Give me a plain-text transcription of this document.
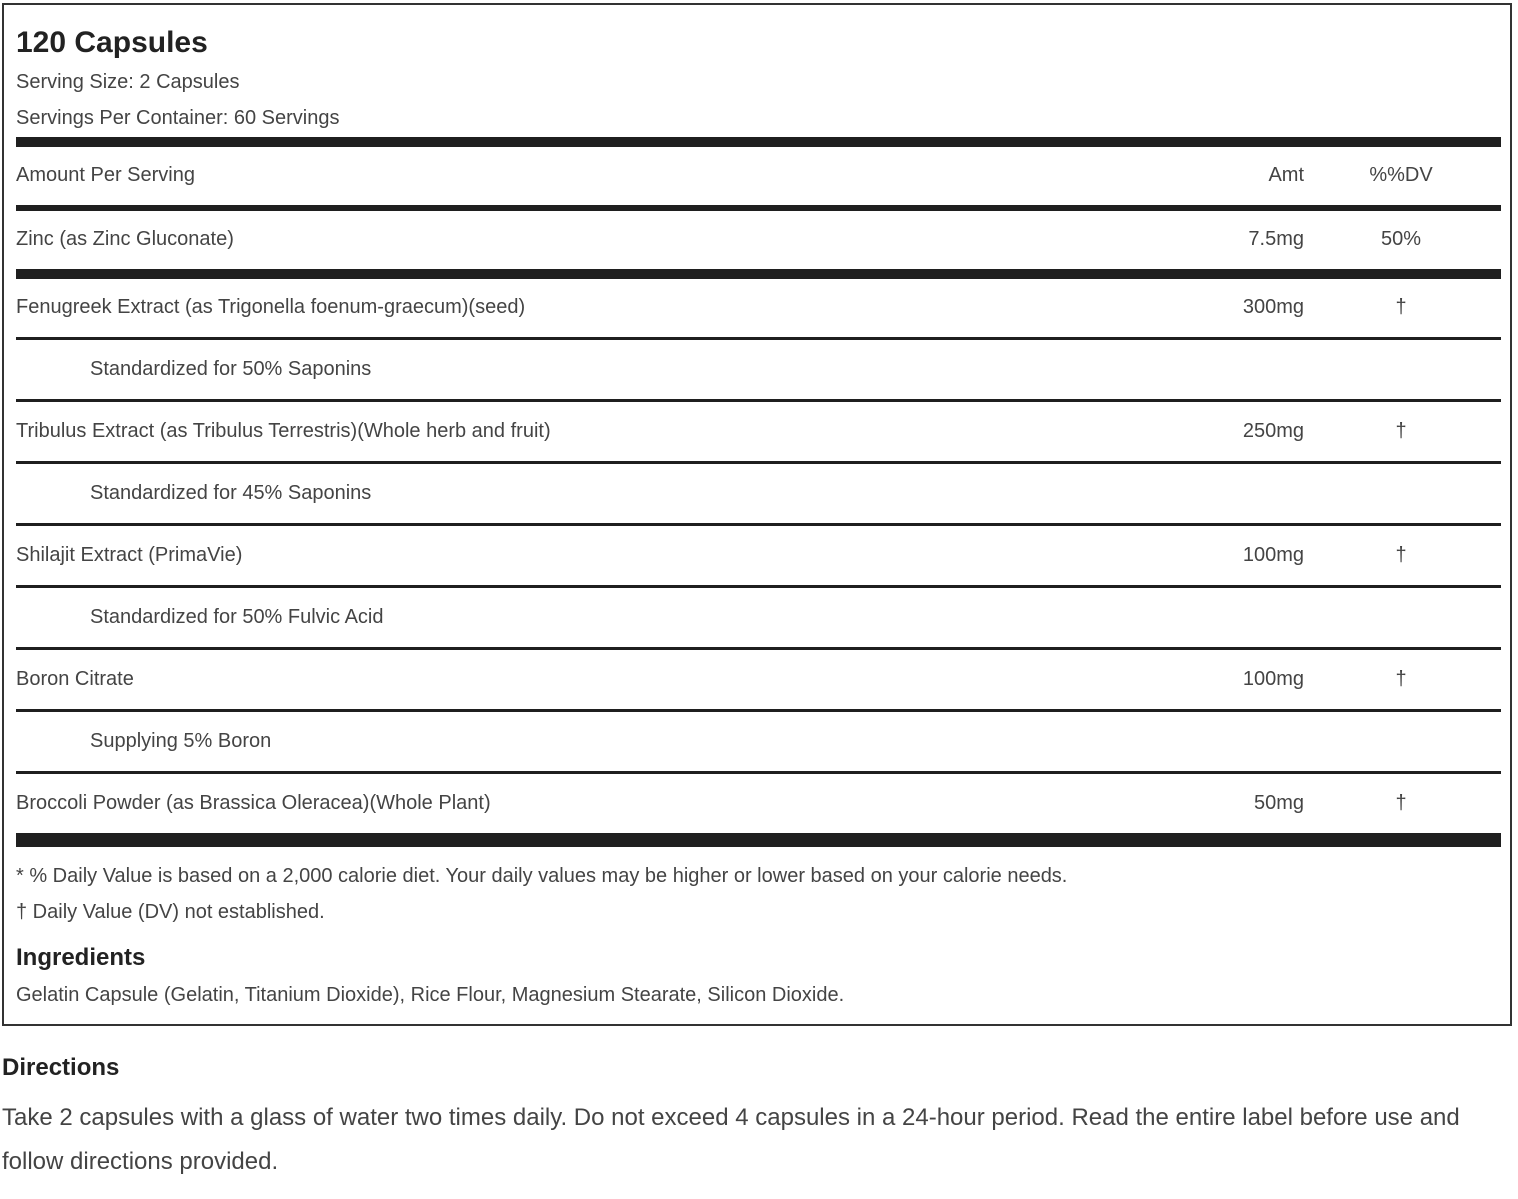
120 Capsules
Serving Size: 2 Capsules
Servings Per Container: 60 Servings
Amount Per Serving	Amt	%%DV
Zinc (as Zinc Gluconate)	7.5mg	50%
Fenugreek Extract (as Trigonella foenum-graecum)(seed)	300mg	†
Standardized for 50% Saponins
Tribulus Extract (as Tribulus Terrestris)(Whole herb and fruit)	250mg	†
Standardized for 45% Saponins
Shilajit Extract (PrimaVie)	100mg	†
Standardized for 50% Fulvic Acid
Boron Citrate	100mg	†
Supplying 5% Boron
Broccoli Powder (as Brassica Oleracea)(Whole Plant)	50mg	†
* % Daily Value is based on a 2,000 calorie diet. Your daily values may be higher or lower based on your calorie needs.
† Daily Value (DV) not established.
Ingredients
Gelatin Capsule (Gelatin, Titanium Dioxide), Rice Flour, Magnesium Stearate, Silicon Dioxide.
Directions
Take 2 capsules with a glass of water two times daily. Do not exceed 4 capsules in a 24-hour period. Read the entire label before use and follow directions provided.
